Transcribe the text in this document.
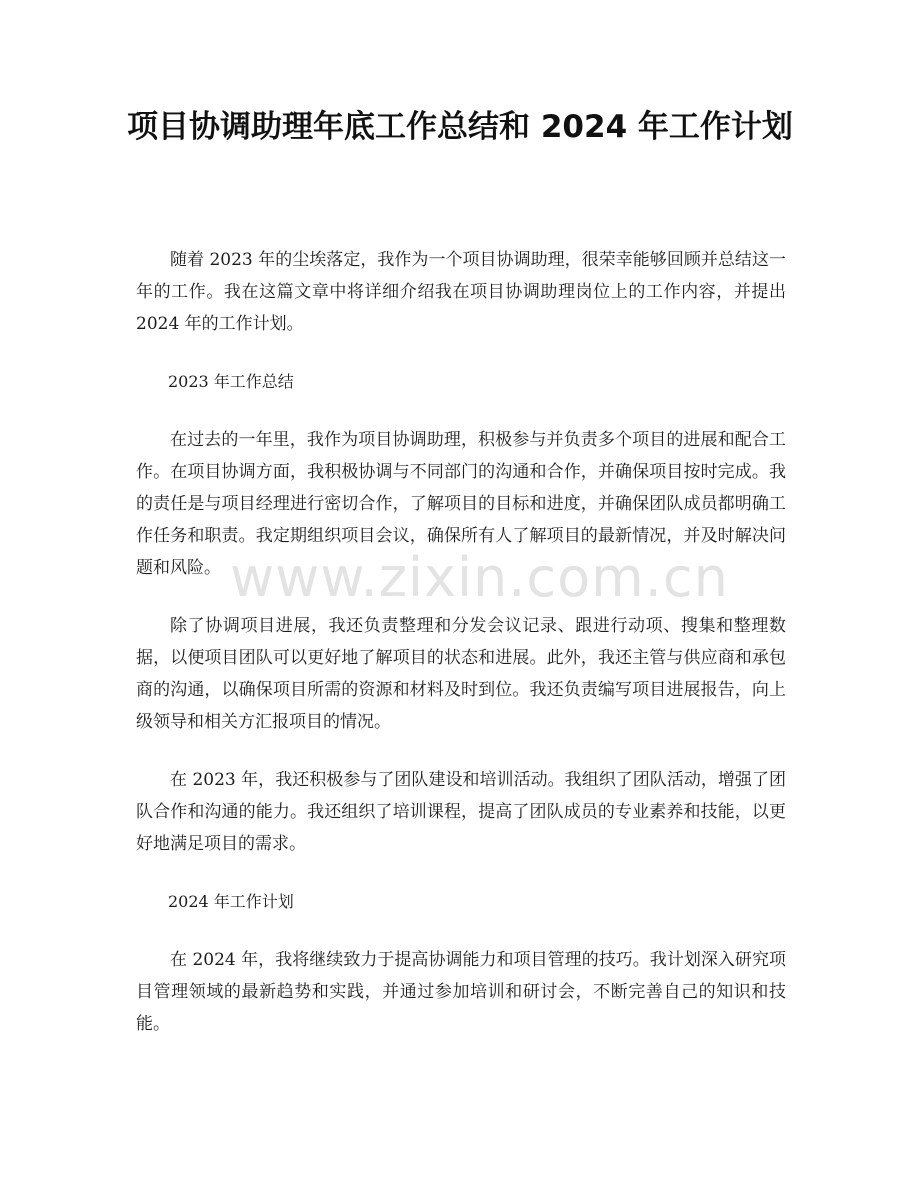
www.zixin.com.cn
项目协调助理年底工作总结和 2024 年工作计划

随着 2023 年的尘埃落定，我作为一个项目协调助理，很荣幸能够回顾并总结这一年的工作。我在这篇文章中将详细介绍我在项目协调助理岗位上的工作内容，并提出 2024 年的工作计划。

2023 年工作总结

在过去的一年里，我作为项目协调助理，积极参与并负责多个项目的进展和配合工作。在项目协调方面，我积极协调与不同部门的沟通和合作，并确保项目按时完成。我的责任是与项目经理进行密切合作，了解项目的目标和进度，并确保团队成员都明确工作任务和职责。我定期组织项目会议，确保所有人了解项目的最新情况，并及时解决问题和风险。

除了协调项目进展，我还负责整理和分发会议记录、跟进行动项、搜集和整理数据，以便项目团队可以更好地了解项目的状态和进展。此外，我还主管与供应商和承包商的沟通，以确保项目所需的资源和材料及时到位。我还负责编写项目进展报告，向上级领导和相关方汇报项目的情况。

在 2023 年，我还积极参与了团队建设和培训活动。我组织了团队活动，增强了团队合作和沟通的能力。我还组织了培训课程，提高了团队成员的专业素养和技能，以更好地满足项目的需求。

2024 年工作计划

在 2024 年，我将继续致力于提高协调能力和项目管理的技巧。我计划深入研究项目管理领域的最新趋势和实践，并通过参加培训和研讨会，不断完善自己的知识和技能。
